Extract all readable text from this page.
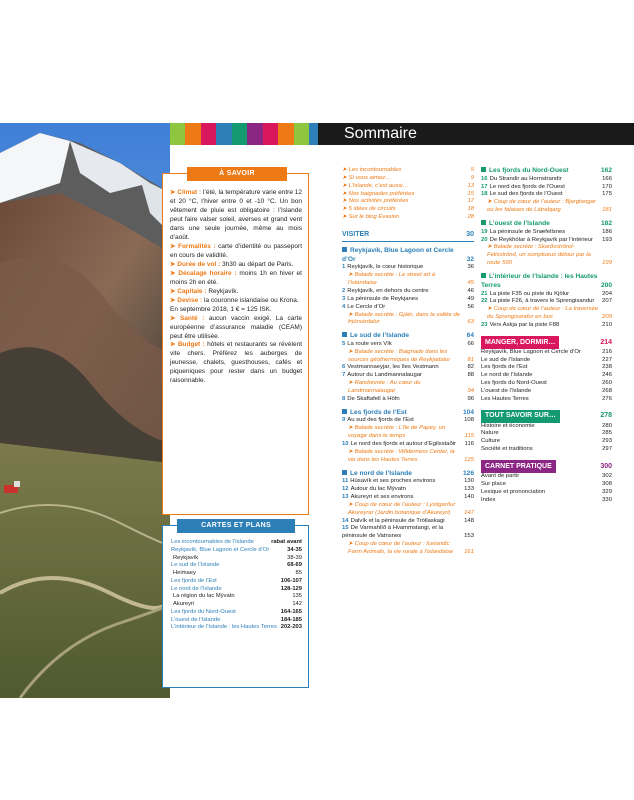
Sommaire
À SAVOIR

➤ Climat : l’été, la température varie entre 12 et 20 °C, l’hiver entre 0 et -10 °C. Un bon vêtement de pluie est obligatoire : l’Islande peut faire valser soleil, averses et grand vent dans une seule journée, même au mois d’août.

➤ Formalités : carte d’identité ou passeport en cours de validité.

➤ Durée de vol : 3h30 au départ de Paris.

➤ Décalage horaire : moins 1h en hiver et moins 2h en été.

➤ Capitale : Reykjavík.

➤ Devise : la couronne islandaise ou Krona.

En septembre 2018, 1 € = 125 ISK.

➤ Santé : aucun vaccin exigé. La carte européenne d’assurance maladie (CEAM) peut être utilisée.

➤ Budget : hôtels et restaurants se révèlent vite chers. Préférez les auberges de jeunesse, chalets, guesthouses, cafés et piqueniques pour rester dans un budget raisonnable.

CARTES ET PLANS
Les incontournables de l’Islande	rabat avant
Reykjavík, Blue Lagoon et Cercle d’Or	34-35
Reykjavík	38-39
Le sud de l’Islande	68-69
Heimaey	85
Les fjords de l’Est	106-107
Le nord de l’Islande	128-129
La région du lac Mývatn	135
Akureyri	142
Les fjords du Nord-Ouest	164-165
L’ouest de l’Islande	184-185
L’intérieur de l’Islande : les Hautes Terres 202-203
➤ Les incontournables	5
➤ Si vous aimez…	9
➤ L’Islande, c’est aussi…	13
➤ Nos baignades préférées	15
➤ Nos activités préférées	17
➤ 5 idées de circuits	18
➤ Sur le blog Évasion	28
VISITER	30
Reykjavík, Blue Lagoon et Cercle d’Or	32
1 Reykjavík, le cœur historique	36
➤ Balade secrète : Le street art à l’islandaise	45
2 Reykjavík, en dehors du centre	46
3 La péninsule de Reykjanes	49
4 Le Cercle d’Or	56
➤ Balade secrète : Gjáin, dans la vallée de Þjórsárdalur	63
Le sud de l’Islande	64
5 La route vers Vík	66
➤ Balade secrète : Baignade dans les sources géothermiques de Reykjadalur	81
6 Vestmannaeyjar, les îles Vestmann	82
7 Autour du Landmannalaugar	88
➤ Randonnée : Au cœur du Landmannalaugar	94
8 De Skaftafell à Höfn	96
Les fjords de l’Est	104
9 Au sud des fjords de l’Est	108
➤ Balade secrète : L’île de Papey, un voyage dans le temps	115
10 Le nord des fjords et autour d’Egilsstaðir	116
➤ Balade secrète : Wilderness Center, la vie dans les Hautes Terres	125
Le nord de l’Islande	126
11 Húsavík et ses proches environs	130
12 Autour du lac Mývatn	133
13 Akureyri et ses environs	140
➤ Coup de cœur de l’auteur : Lystigarður Akureyrar (Jardin botanique d’Akureyri)	147
14 Dalvík et la péninsule de Tröllaskagi	148
15 De Varmahlíð à Hvammstangi, et la péninsule de Vatnsnes	153
➤ Coup de cœur de l’auteur : Icelandic Farm Animals, la vie rurale à l’islandaise	161
Les fjords du Nord-Ouest	162
16 Du Strandir au Hornstrandir	166
17 Le nord des fjords de l’Ouest	170
18 Le sud des fjords de l’Ouest	175
➤ Coup de cœur de l’auteur : Bjargtangar ou les falaises de Látrabjarg	181
L’ouest de l’Islande	182
19 La péninsule de Snæfellsnes	186
20 De Reykhólar à Reykjavík par l’intérieur	193
➤ Balade secrète : Skarðsströnd-Fellsströnd, un somptueux détour par la route 590	199
L’intérieur de l’Islande : les Hautes Terres	200
21 La piste F35 ou piste du Kjölur	204
22 La piste F26, à travers le Sprengisandur	207
➤ Coup de cœur de l’auteur : La traversée du Sprengisandur en bus	209
23 Vers Askja par la piste F88	210
MANGER, DORMIR…	214
Reykjavík, Blue Lagoon et Cercle d’Or	216
Le sud de l’Islande	227
Les fjords de l’Est	238
Le nord de l’Islande	246
Les fjords du Nord-Ouest	260
L’ouest de l’Islande	268
Les Hautes Terres	276
TOUT SAVOIR SUR…	278
Histoire et économie	280
Nature	285
Culture	293
Société et traditions	297
CARNET PRATIQUE	300
Avant de partir	302
Sur place	308
Lexique et prononciation	329
Index	330
